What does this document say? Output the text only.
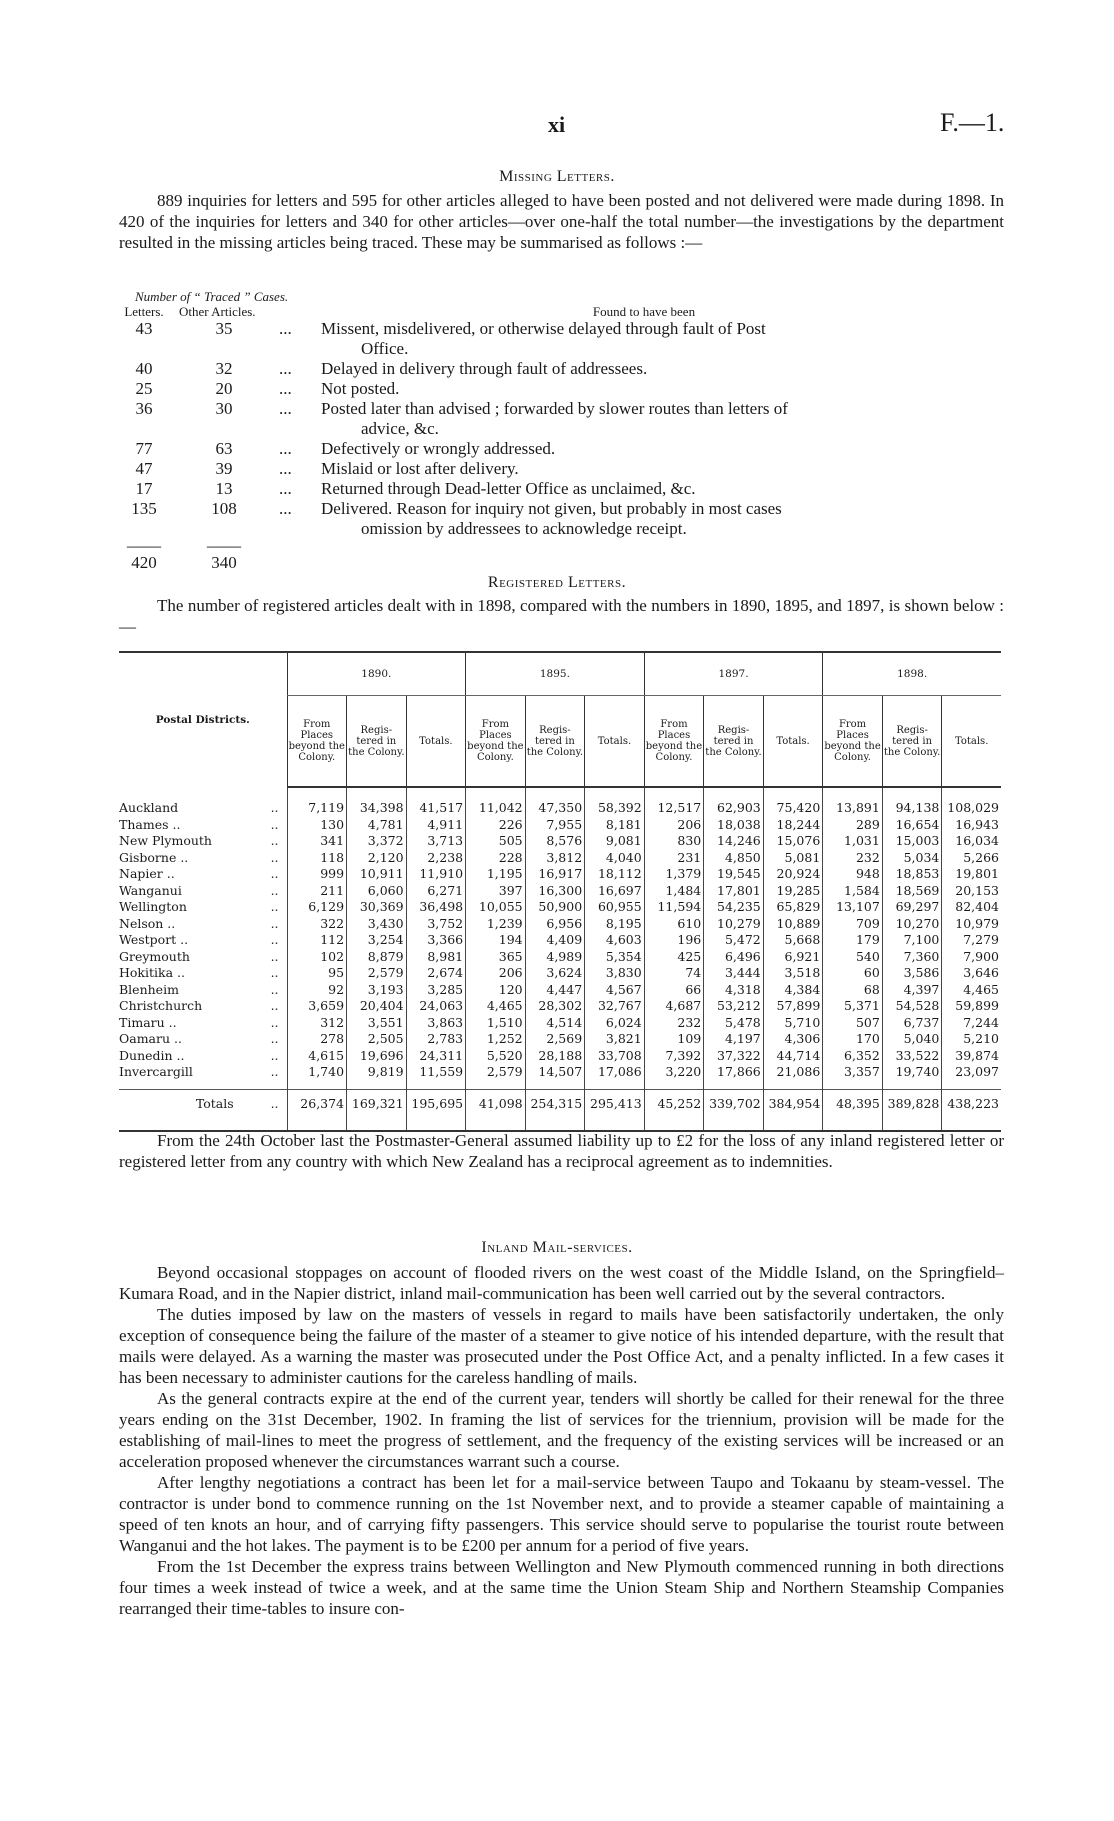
xi	F.—1.
Missing Letters.

889 inquiries for letters and 595 for other articles alleged to have been posted and not delivered were made during 1898. In 420 of the inquiries for letters and 340 for other articles—over one-half the total number—the investigations by the department resulted in the missing articles being traced. These may be summarised as follows :—

Number of “ Traced ” Cases.
Letters.	Other Articles.	Found to have been
43	35	...	Missent, misdelivered, or otherwise delayed through fault of Post
Office.
40	32	...	Delayed in delivery through fault of addressees.
25	20	...	Not posted.
36	30	...	Posted later than advised ; forwarded by slower routes than letters of
advice, &c.
77	63	...	Defectively or wrongly addressed.
47	39	...	Mislaid or lost after delivery.
17	13	...	Returned through Dead-letter Office as unclaimed, &c.
135	108	...	Delivered. Reason for inquiry not given, but probably in most cases
omission by addressees to acknowledge receipt.
——	——
420	340
Registered Letters.

The number of registered articles dealt with in 1898, compared with the numbers in 1890, 1895, and 1897, is shown below :—

Postal Districts.	1890.			1895.			1897.			1898.		
	From Places beyond the Colony.	Regis- tered in the Colony.	Totals.	From Places beyond the Colony.	Regis- tered in the Colony.	Totals.	From Places beyond the Colony.	Regis- tered in the Colony.	Totals.	From Places beyond the Colony.	Regis- tered in the Colony.	Totals.
Auckland ..	7,119	34,398	41,517	11,042	47,350	58,392	12,517	62,903	75,420	13,891	94,138	108,029
Thames .. ..	130	4,781	4,911	226	7,955	8,181	206	18,038	18,244	289	16,654	16,943
New Plymouth ..	341	3,372	3,713	505	8,576	9,081	830	14,246	15,076	1,031	15,003	16,034
Gisborne .. ..	118	2,120	2,238	228	3,812	4,040	231	4,850	5,081	232	5,034	5,266
Napier .. ..	999	10,911	11,910	1,195	16,917	18,112	1,379	19,545	20,924	948	18,853	19,801
Wanganui ..	211	6,060	6,271	397	16,300	16,697	1,484	17,801	19,285	1,584	18,569	20,153
Wellington ..	6,129	30,369	36,498	10,055	50,900	60,955	11,594	54,235	65,829	13,107	69,297	82,404
Nelson .. ..	322	3,430	3,752	1,239	6,956	8,195	610	10,279	10,889	709	10,270	10,979
Westport .. ..	112	3,254	3,366	194	4,409	4,603	196	5,472	5,668	179	7,100	7,279
Greymouth ..	102	8,879	8,981	365	4,989	5,354	425	6,496	6,921	540	7,360	7,900
Hokitika .. ..	95	2,579	2,674	206	3,624	3,830	74	3,444	3,518	60	3,586	3,646
Blenheim ..	92	3,193	3,285	120	4,447	4,567	66	4,318	4,384	68	4,397	4,465
Christchurch ..	3,659	20,404	24,063	4,465	28,302	32,767	4,687	53,212	57,899	5,371	54,528	59,899
Timaru .. ..	312	3,551	3,863	1,510	4,514	6,024	232	5,478	5,710	507	6,737	7,244
Oamaru .. ..	278	2,505	2,783	1,252	2,569	3,821	109	4,197	4,306	170	5,040	5,210
Dunedin .. ..	4,615	19,696	24,311	5,520	28,188	33,708	7,392	37,322	44,714	6,352	33,522	39,874
Invercargill ..	1,740	9,819	11,559	2,579	14,507	17,086	3,220	17,866	21,086	3,357	19,740	23,097
Totals ..	26,374	169,321	195,695	41,098	254,315	295,413	45,252	339,702	384,954	48,395	389,828	438,223

From the 24th October last the Postmaster-General assumed liability up to £2 for the loss of any inland registered letter or registered letter from any country with which New Zealand has a reciprocal agreement as to indemnities.

Inland Mail-services.

Beyond occasional stoppages on account of flooded rivers on the west coast of the Middle Island, on the Springfield–Kumara Road, and in the Napier district, inland mail-communication has been well carried out by the several contractors.

The duties imposed by law on the masters of vessels in regard to mails have been satisfactorily undertaken, the only exception of consequence being the failure of the master of a steamer to give notice of his intended departure, with the result that mails were delayed. As a warning the master was prosecuted under the Post Office Act, and a penalty inflicted. In a few cases it has been necessary to administer cautions for the careless handling of mails.

As the general contracts expire at the end of the current year, tenders will shortly be called for their renewal for the three years ending on the 31st December, 1902. In framing the list of services for the triennium, provision will be made for the establishing of mail-lines to meet the progress of settlement, and the frequency of the existing services will be increased or an acceleration proposed whenever the circumstances warrant such a course.

After lengthy negotiations a contract has been let for a mail-service between Taupo and Tokaanu by steam-vessel. The contractor is under bond to commence running on the 1st November next, and to provide a steamer capable of maintaining a speed of ten knots an hour, and of carrying fifty passengers. This service should serve to popularise the tourist route between Wanganui and the hot lakes. The payment is to be £200 per annum for a period of five years.

From the 1st December the express trains between Wellington and New Plymouth commenced running in both directions four times a week instead of twice a week, and at the same time the Union Steam Ship and Northern Steamship Companies rearranged their time-tables to insure con-
